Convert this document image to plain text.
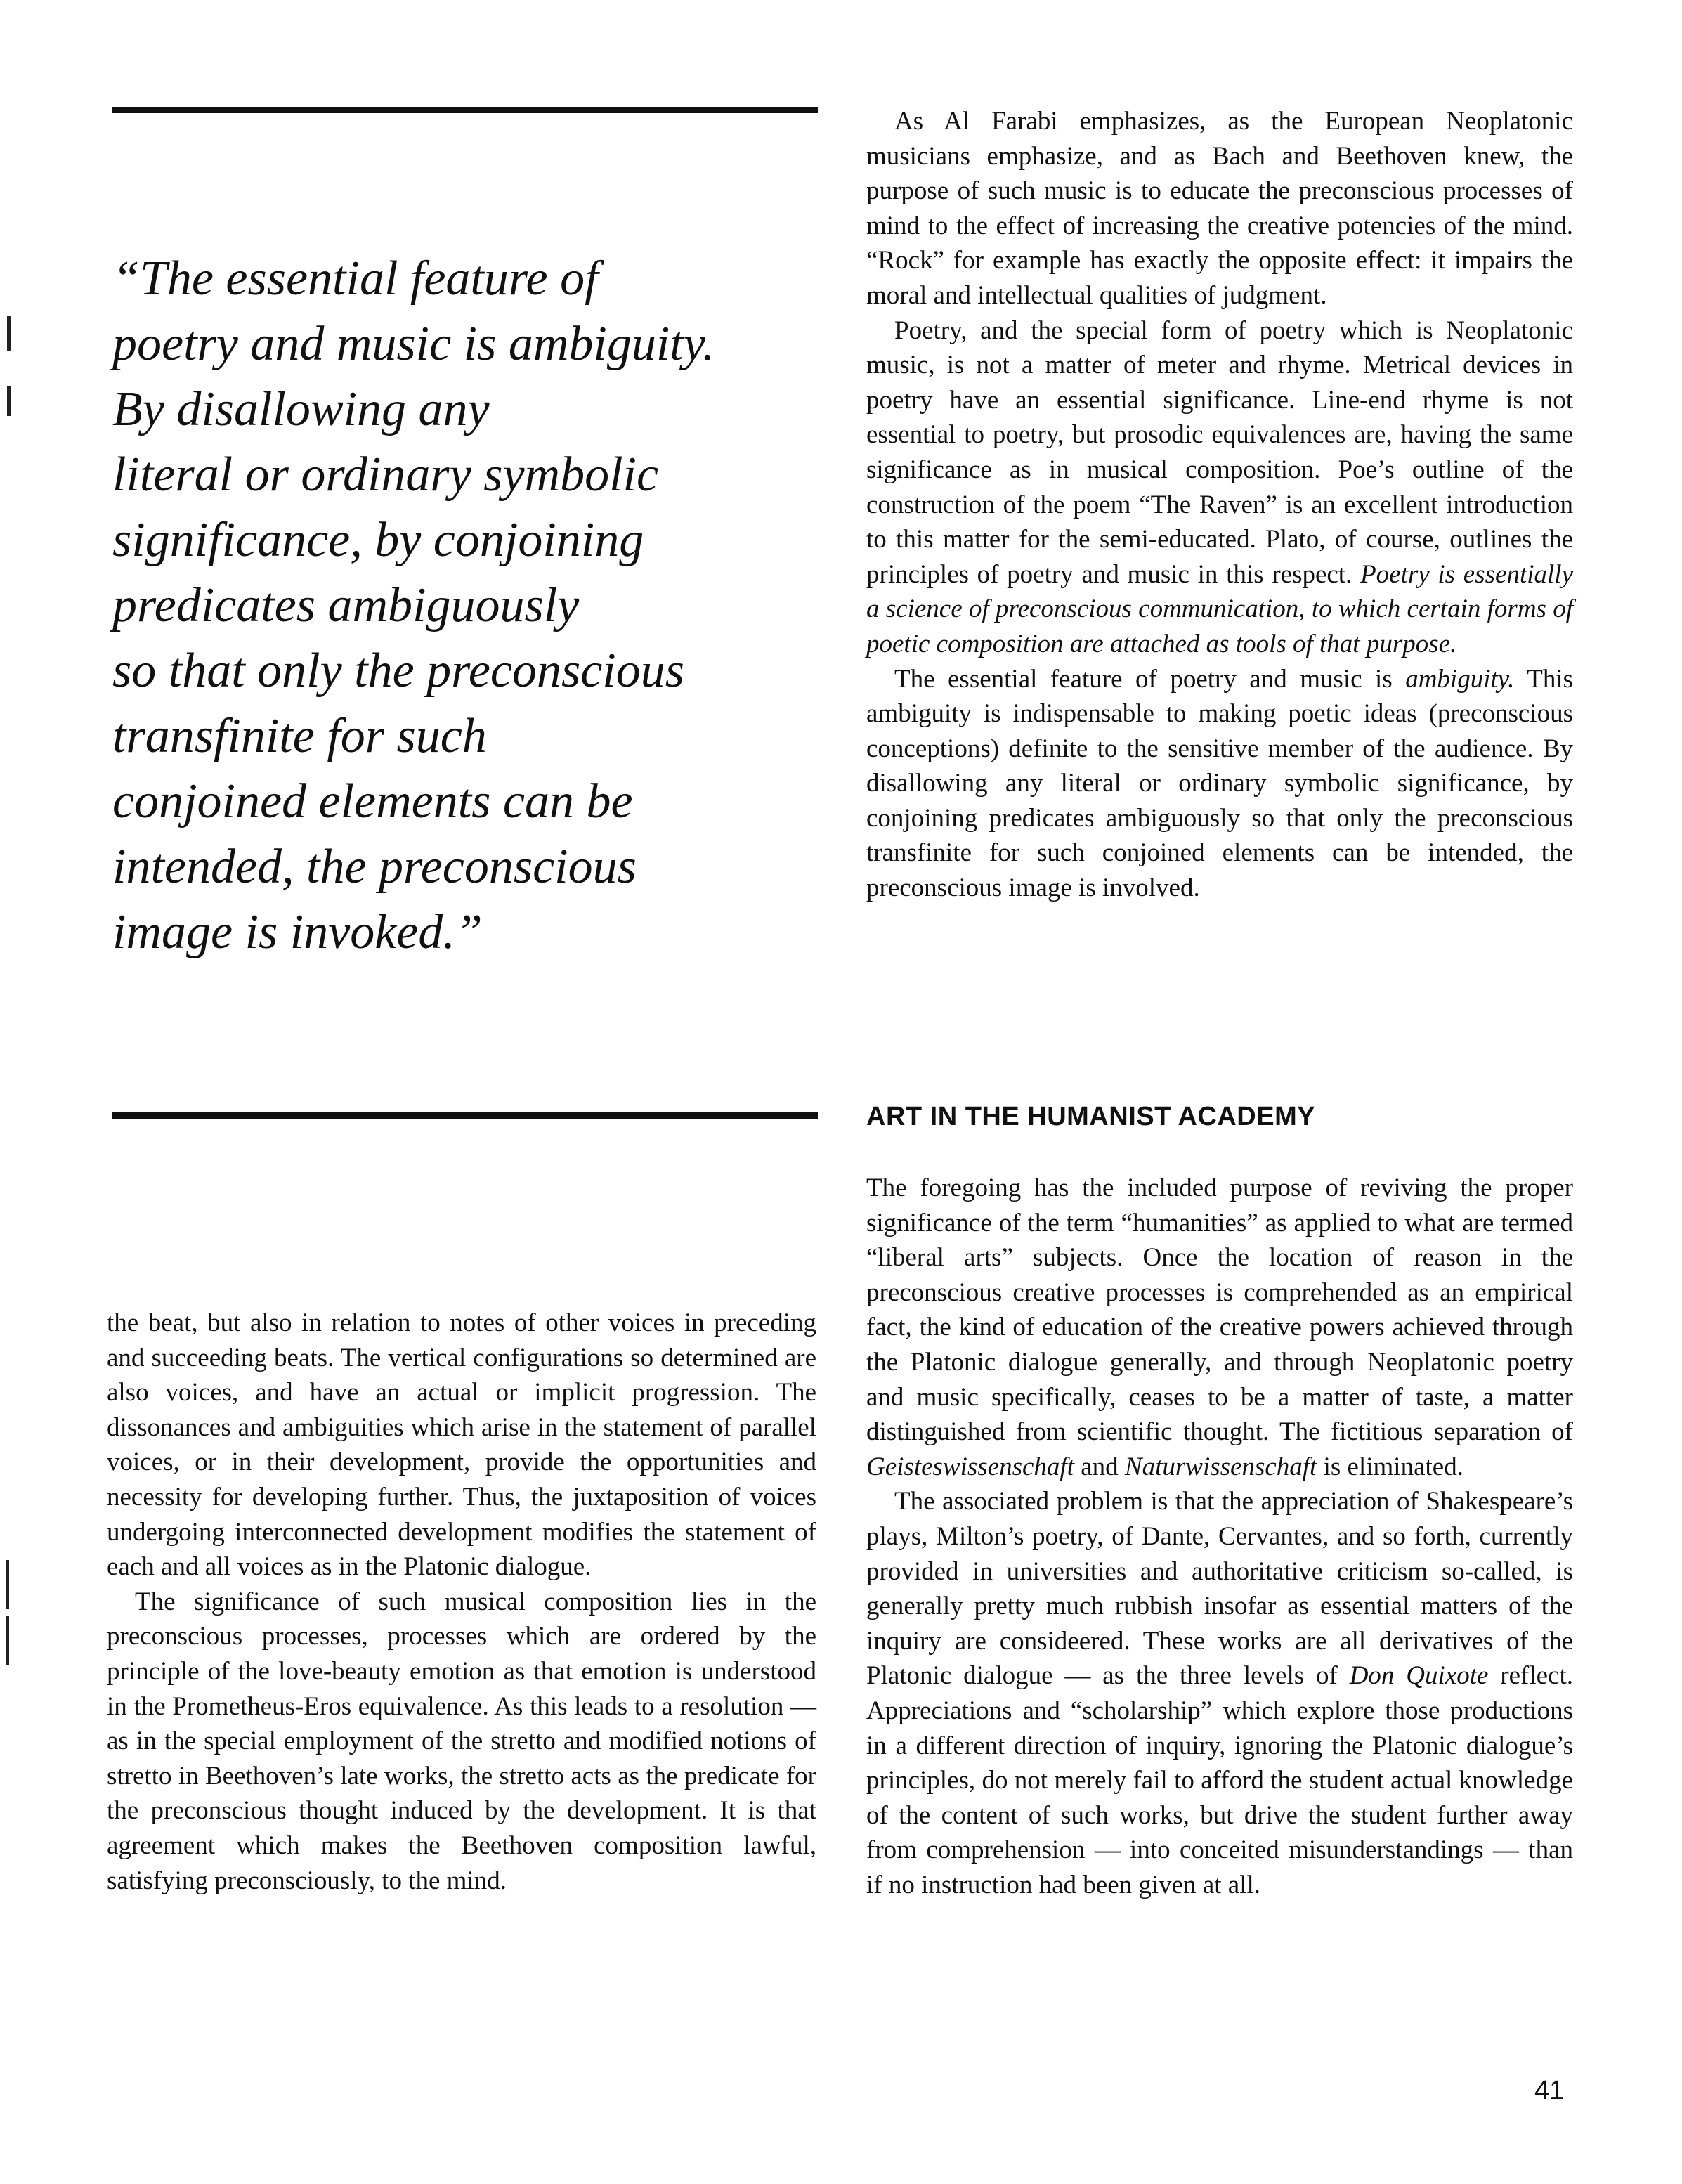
“The essential feature of
poetry and music is ambiguity.
By disallowing any
literal or ordinary symbolic
significance, by conjoining
predicates ambiguously
so that only the preconscious
transfinite for such
conjoined elements can be
intended, the preconscious
image is invoked.”

As Al Farabi emphasizes, as the European Neoplatonic musicians emphasize, and as Bach and Beethoven knew, the purpose of such music is to educate the preconscious processes of mind to the effect of increasing the creative potencies of the mind. “Rock” for example has exactly the opposite effect: it impairs the moral and intellectual qualities of judgment.

Poetry, and the special form of poetry which is Neoplatonic music, is not a matter of meter and rhyme. Metrical devices in poetry have an essential significance. Line-end rhyme is not essential to poetry, but prosodic equivalences are, having the same significance as in musical composition. Poe’s outline of the construction of the poem “The Raven” is an excellent introduction to this matter for the semi-educated. Plato, of course, outlines the principles of poetry and music in this respect. Poetry is essentially a science of preconscious communication, to which certain forms of poetic composition are attached as tools of that purpose.

The essential feature of poetry and music is ambiguity. This ambiguity is indispensable to making poetic ideas (preconscious conceptions) definite to the sensitive member of the audience. By disallowing any literal or ordinary symbolic significance, by conjoining predicates ambiguously so that only the preconscious transfinite for such conjoined elements can be intended, the preconscious image is involved.

ART IN THE HUMANIST ACADEMY

The foregoing has the included purpose of reviving the proper significance of the term “humanities” as applied to what are termed “liberal arts” subjects. Once the location of reason in the preconscious creative processes is comprehended as an empirical fact, the kind of education of the creative powers achieved through the Platonic dialogue generally, and through Neoplatonic poetry and music specifically, ceases to be a matter of taste, a matter distinguished from scientific thought. The fictitious separation of Geisteswissenschaft and Naturwissenschaft is eliminated.

The associated problem is that the appreciation of Shakespeare’s plays, Milton’s poetry, of Dante, Cervantes, and so forth, currently provided in universities and authoritative criticism so-called, is generally pretty much rubbish insofar as essential matters of the inquiry are consideered. These works are all derivatives of the Platonic dialogue — as the three levels of Don Quixote reflect. Appreciations and “scholarship” which explore those productions in a different direction of inquiry, ignoring the Platonic dialogue’s principles, do not merely fail to afford the student actual knowledge of the content of such works, but drive the student further away from comprehension — into conceited misunderstandings — than if no instruction had been given at all.

the beat, but also in relation to notes of other voices in preceding and succeeding beats. The vertical configurations so determined are also voices, and have an actual or implicit progression. The dissonances and ambiguities which arise in the statement of parallel voices, or in their development, provide the opportunities and necessity for developing further. Thus, the juxtaposition of voices undergoing interconnected development modifies the statement of each and all voices as in the Platonic dialogue.

The significance of such musical composition lies in the preconscious processes, processes which are ordered by the principle of the love-beauty emotion as that emotion is understood in the Prometheus-Eros equivalence. As this leads to a resolution — as in the special employment of the stretto and modified notions of stretto in Beethoven’s late works, the stretto acts as the predicate for the preconscious thought induced by the development. It is that agreement which makes the Beethoven composition lawful, satisfying preconsciously, to the mind.

41
